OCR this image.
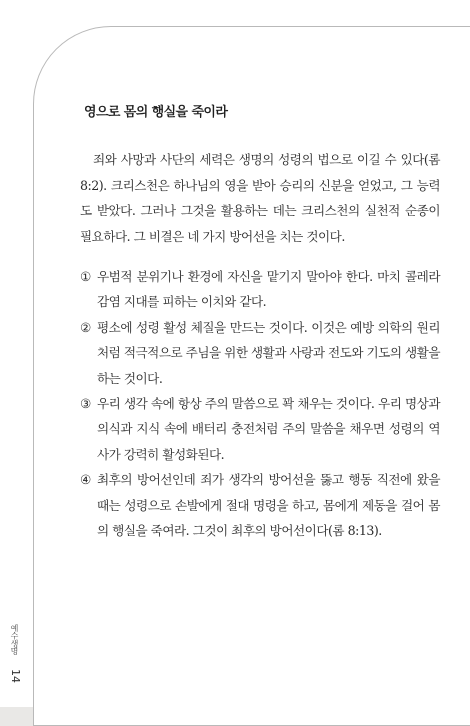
영으로 몸의 행실을 죽이라

죄와 사망과 사단의 세력은 생명의 성령의 법으로 이길 수 있다(롬 8:2). 크리스천은 하나님의 영을 받아 승리의 신분을 얻었고, 그 능력도 받았다. 그러나 그것을 활용하는 데는 크리스천의 실천적 순종이 필요하다. 그 비결은 네 가지 방어선을 치는 것이다.

① 우범적 분위기나 환경에 자신을 맡기지 말아야 한다. 마치 콜레라 감염 지대를 피하는 이치와 같다.
② 평소에 성령 활성 체질을 만드는 것이다. 이것은 예방 의학의 원리처럼 적극적으로 주님을 위한 생활과 사랑과 전도와 기도의 생활을 하는 것이다.
③ 우리 생각 속에 항상 주의 말씀으로 꽉 채우는 것이다. 우리 명상과 의식과 지식 속에 배터리 충전처럼 주의 말씀을 채우면 성령의 역사가 강력히 활성화된다.
④ 최후의 방어선인데 죄가 생각의 방어선을 뚫고 행동 직전에 왔을 때는 성령으로 손발에게 절대 명령을 하고, 몸에게 제동을 걸어 몸의 행실을 죽여라. 그것이 최후의 방어선이다(롬 8:13).
예수생명
14
